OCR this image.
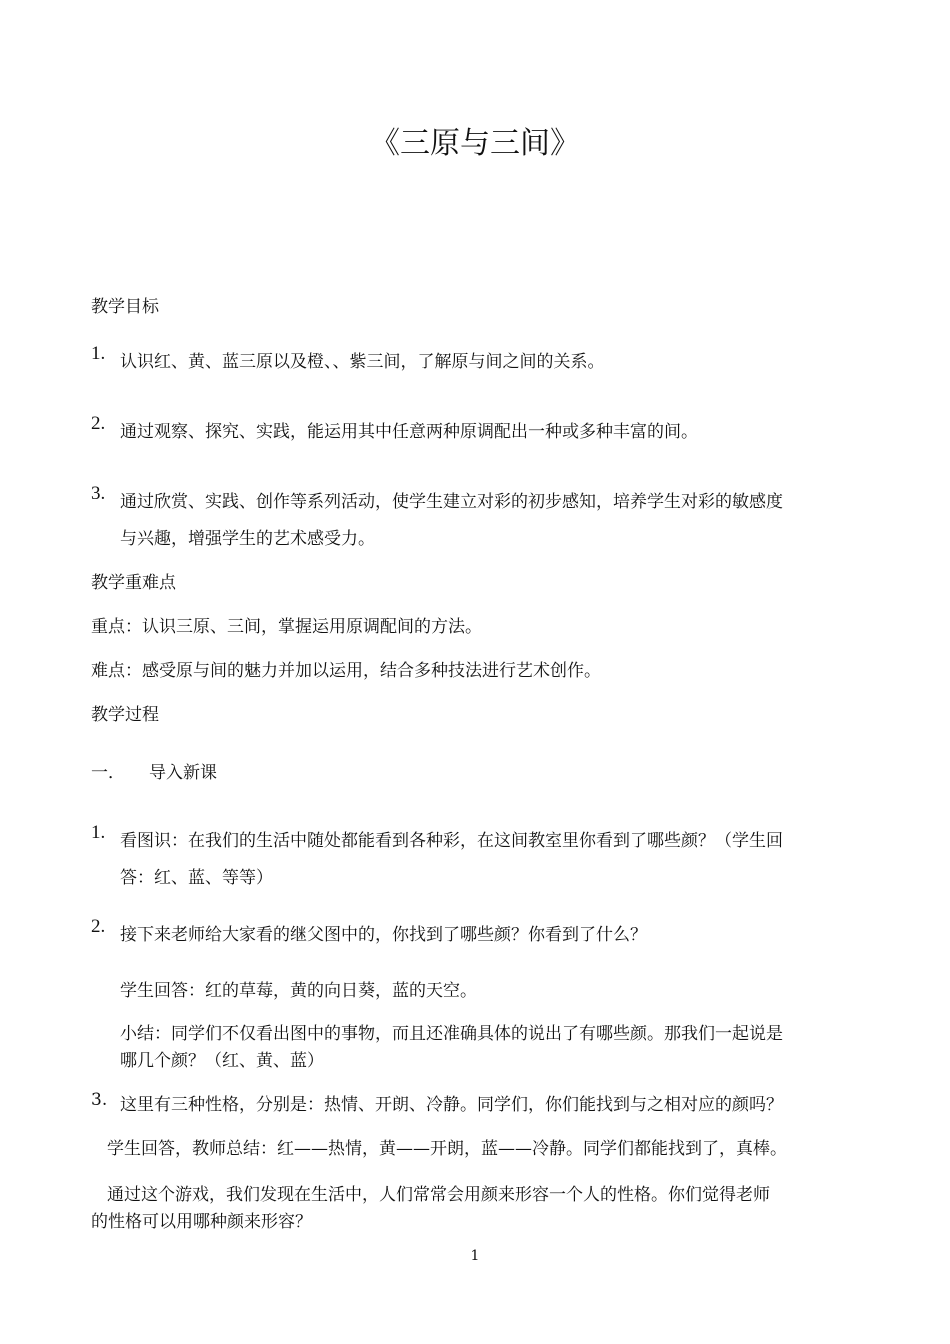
《三原与三间》
教学目标
1. 认识红、黄、蓝三原以及橙、、紫三间，了解原与间之间的关系。
2. 通过观察、探究、实践，能运用其中任意两种原调配出一种或多种丰富的间。
3. 通过欣赏、实践、创作等系列活动，使学生建立对彩的初步感知，培养学生对彩的敏感度
与兴趣，增强学生的艺术感受力。
教学重难点
重点：认识三原、三间，掌握运用原调配间的方法。
难点：感受原与间的魅力并加以运用，结合多种技法进行艺术创作。
教学过程
一． 导入新课
1. 看图识：在我们的生活中随处都能看到各种彩，在这间教室里你看到了哪些颜？（学生回
答：红、蓝、等等）
2. 接下来老师给大家看的继父图中的，你找到了哪些颜？你看到了什么？
学生回答：红的草莓，黄的向日葵，蓝的天空。
小结：同学们不仅看出图中的事物，而且还准确具体的说出了有哪些颜。那我们一起说是
哪几个颜？（红、黄、蓝）
3. 这里有三种性格，分别是：热情、开朗、冷静。同学们，你们能找到与之相对应的颜吗？
学生回答，教师总结：红——热情，黄——开朗，蓝——冷静。同学们都能找到了，真棒。
通过这个游戏，我们发现在生活中，人们常常会用颜来形容一个人的性格。你们觉得老师
的性格可以用哪种颜来形容？
1
